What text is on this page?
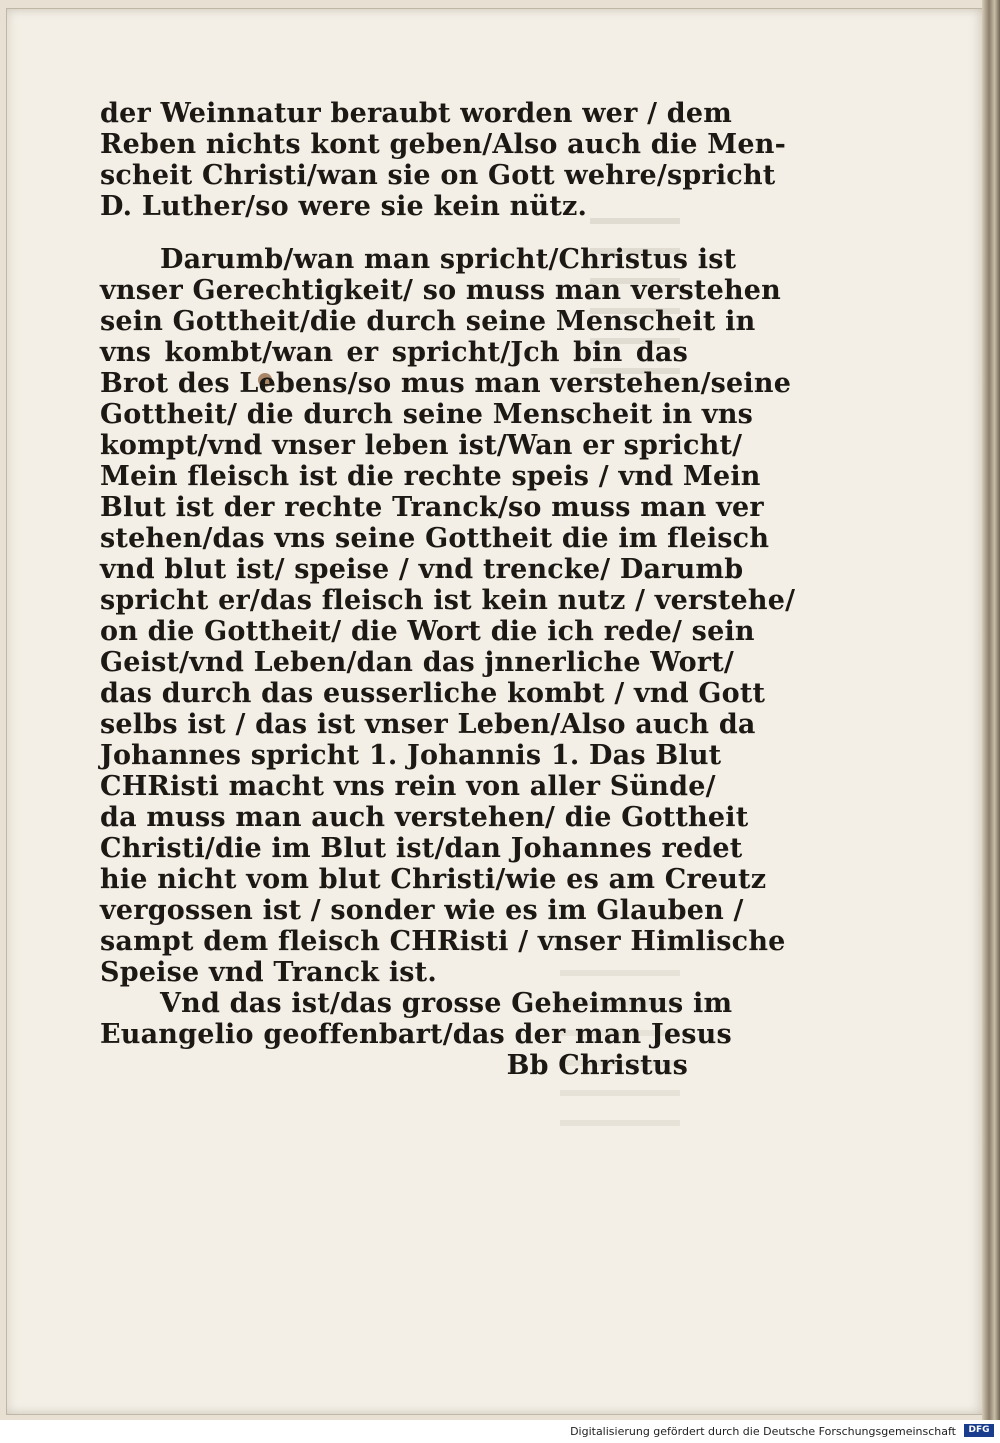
der Weinnatur beraubt worden wer / dem
Reben nichts kont geben/Also auch die Men-
scheit Christi/wan sie on Gott wehre/spricht
D. Luther/so were sie kein nütz.
Darumb/wan man spricht/Christus ist
vnser Gerechtigkeit/ so muss man verstehen
sein Gottheit/die durch seine Menscheit in
vns kombt/wan er spricht/Jch bin das
Brot des Lebens/so mus man verstehen/seine
Gottheit/ die durch seine Menscheit in vns
kompt/vnd vnser leben ist/Wan er spricht/
Mein fleisch ist die rechte speis / vnd Mein
Blut ist der rechte Tranck/so muss man ver
stehen/das vns seine Gottheit die im fleisch
vnd blut ist/ speise / vnd trencke/ Darumb
spricht er/das fleisch ist kein nutz / verstehe/
on die Gottheit/ die Wort die ich rede/ sein
Geist/vnd Leben/dan das jnnerliche Wort/
das durch das eusserliche kombt / vnd Gott
selbs ist / das ist vnser Leben/Also auch da
Johannes spricht 1. Johannis 1. Das Blut
CHRisti macht vns rein von aller Sünde/
da muss man auch verstehen/ die Gottheit
Christi/die im Blut ist/dan Johannes redet
hie nicht vom blut Christi/wie es am Creutz
vergossen ist / sonder wie es im Glauben /
sampt dem fleisch CHRisti / vnser Himlische
Speise vnd Tranck ist.
Vnd das ist/das grosse Geheimnus im
Euangelio geoffenbart/das der man Jesus
Bb Christus
Digitalisierung gefördert durch die Deutsche Forschungsgemeinschaft	DFG
